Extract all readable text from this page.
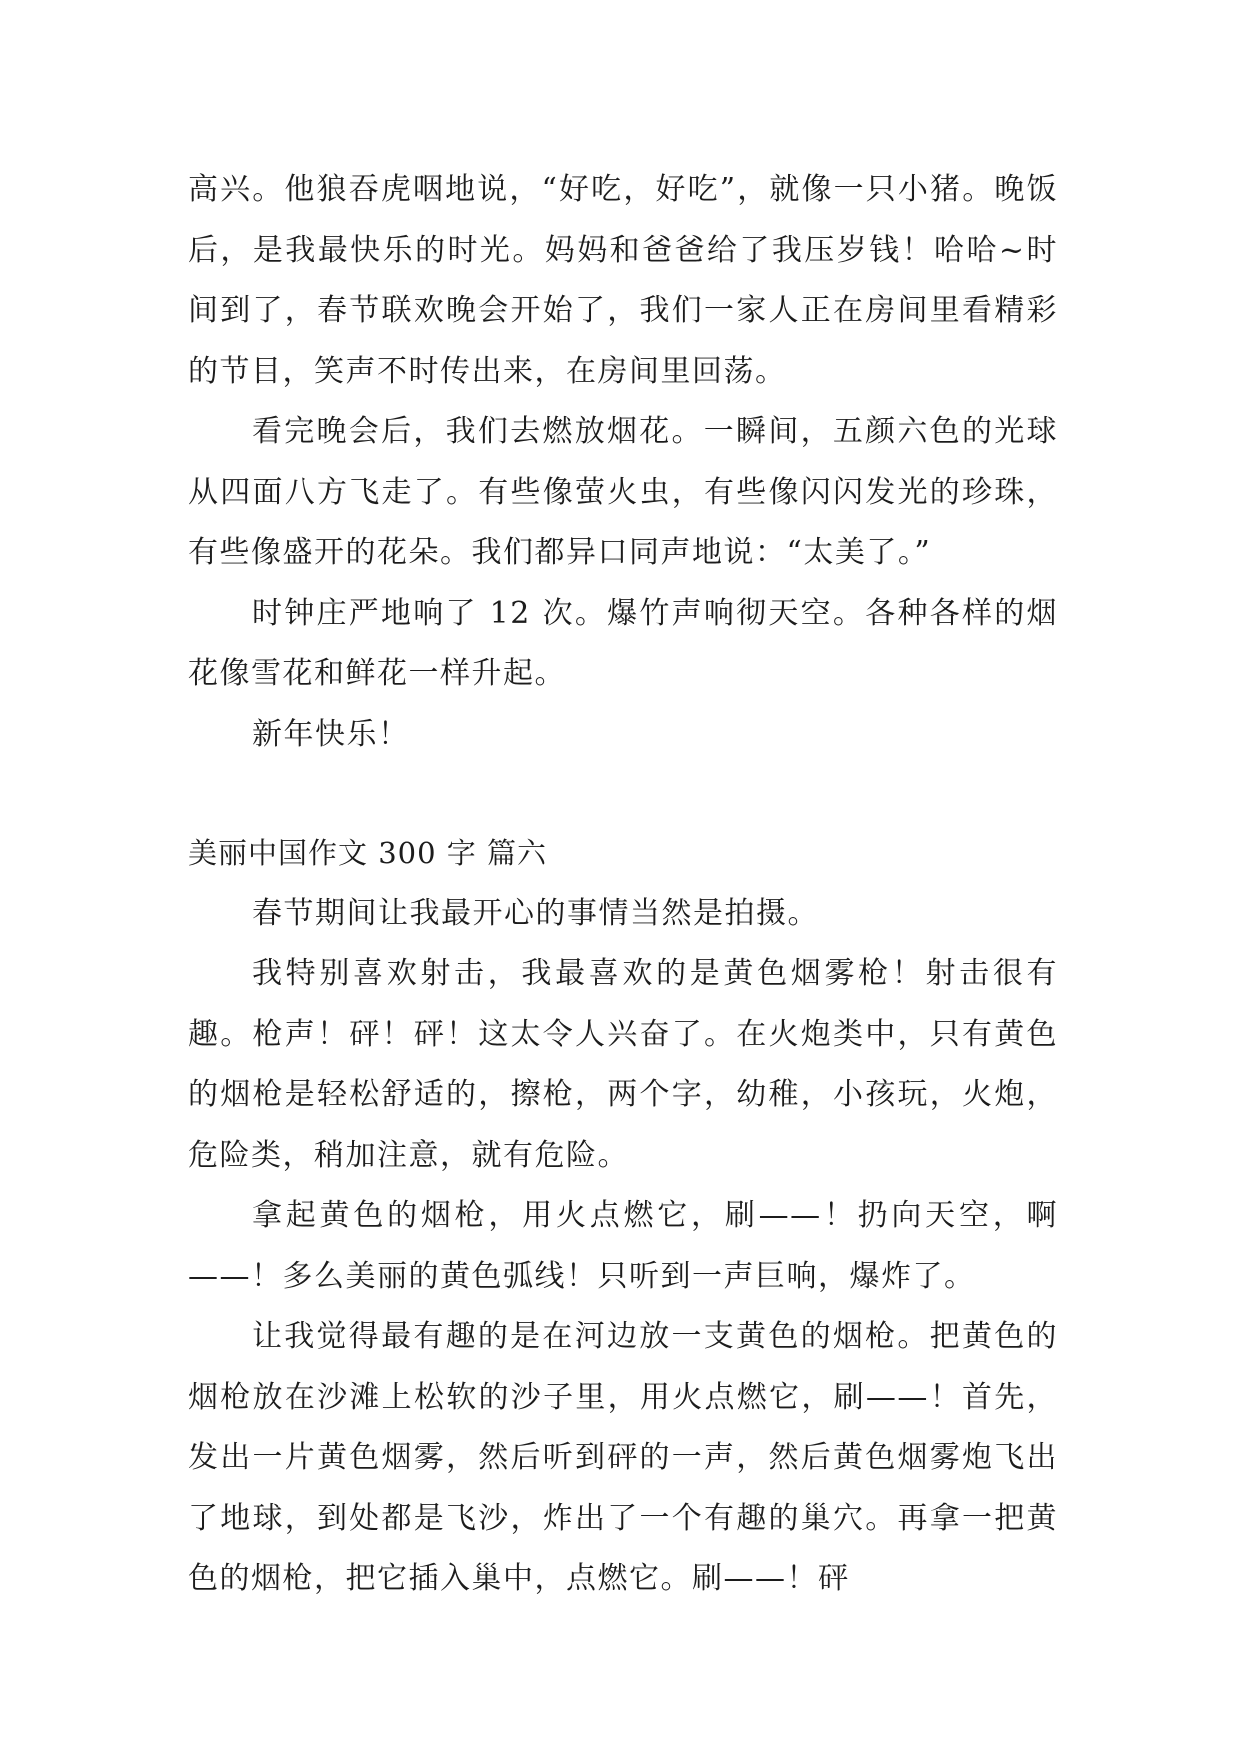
高兴。他狼吞虎咽地说，“好吃，好吃”，就像一只小猪。晚饭后，是我最快乐的时光。妈妈和爸爸给了我压岁钱！哈哈~时间到了，春节联欢晚会开始了，我们一家人正在房间里看精彩的节目，笑声不时传出来，在房间里回荡。

看完晚会后，我们去燃放烟花。一瞬间，五颜六色的光球从四面八方飞走了。有些像萤火虫，有些像闪闪发光的珍珠，有些像盛开的花朵。我们都异口同声地说：“太美了。”

时钟庄严地响了 12 次。爆竹声响彻天空。各种各样的烟花像雪花和鲜花一样升起。

新年快乐！

美丽中国作文 300 字 篇六

春节期间让我最开心的事情当然是拍摄。

我特别喜欢射击，我最喜欢的是黄色烟雾枪！射击很有趣。枪声！砰！砰！这太令人兴奋了。在火炮类中，只有黄色的烟枪是轻松舒适的，擦枪，两个字，幼稚，小孩玩，火炮，危险类，稍加注意，就有危险。

拿起黄色的烟枪，用火点燃它，刷——！扔向天空，啊——！多么美丽的黄色弧线！只听到一声巨响，爆炸了。

让我觉得最有趣的是在河边放一支黄色的烟枪。把黄色的烟枪放在沙滩上松软的沙子里，用火点燃它，刷——！首先，发出一片黄色烟雾，然后听到砰的一声，然后黄色烟雾炮飞出了地球，到处都是飞沙，炸出了一个有趣的巢穴。再拿一把黄色的烟枪，把它插入巢中，点燃它。刷——！砰
